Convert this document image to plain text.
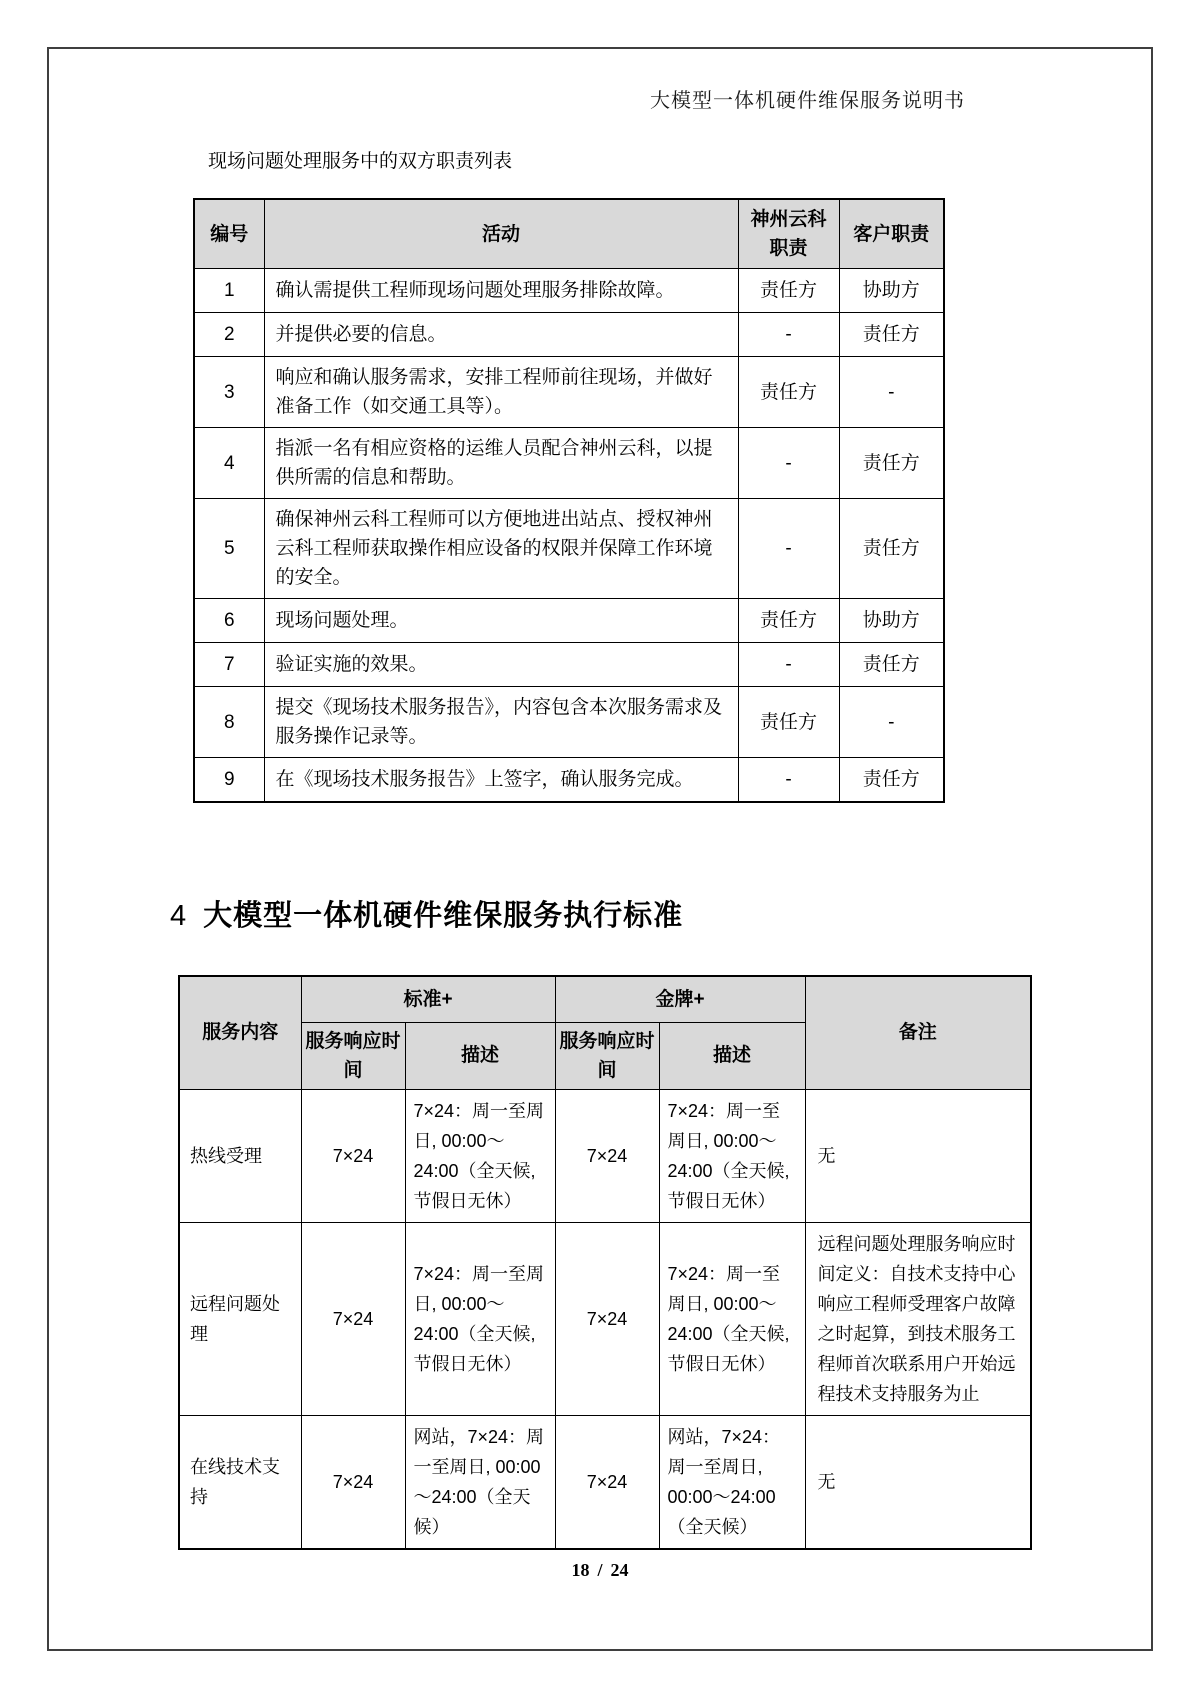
大模型一体机硬件维保服务说明书
现场问题处理服务中的双方职责列表
编号	活动	神州云科职责	客户职责
1	确认需提供工程师现场问题处理服务排除故障。	责任方	协助方
2	并提供必要的信息。	-	责任方
3	响应和确认服务需求，安排工程师前往现场，并做好准备工作（如交通工具等）。	责任方	-
4	指派一名有相应资格的运维人员配合神州云科，以提供所需的信息和帮助。	-	责任方
5	确保神州云科工程师可以方便地进出站点、授权神州云科工程师获取操作相应设备的权限并保障工作环境的安全。	-	责任方
6	现场问题处理。	责任方	协助方
7	验证实施的效果。	-	责任方
8	提交《现场技术服务报告》，内容包含本次服务需求及服务操作记录等。	责任方	-
9	在《现场技术服务报告》上签字，确认服务完成。	-	责任方
4 大模型一体机硬件维保服务执行标准
服务内容	标准+		金牌+		备注
	服务响应时间	描述	服务响应时间	描述	
热线受理	7×24	7×24：周一至周日, 00:00～24:00（全天候, 节假日无休）	7×24	7×24：周一至周日, 00:00～24:00（全天候, 节假日无休）	无
远程问题处理	7×24	7×24：周一至周日, 00:00～24:00（全天候, 节假日无休）	7×24	7×24：周一至周日, 00:00～24:00（全天候, 节假日无休）	远程问题处理服务响应时间定义：自技术支持中心响应工程师受理客户故障之时起算，到技术服务工程师首次联系用户开始远程技术支持服务为止
在线技术支持	7×24	网站，7×24：周一至周日, 00:00～24:00（全天候）	7×24	网站，7×24：周一至周日, 00:00～24:00（全天候）	无
18 / 24
